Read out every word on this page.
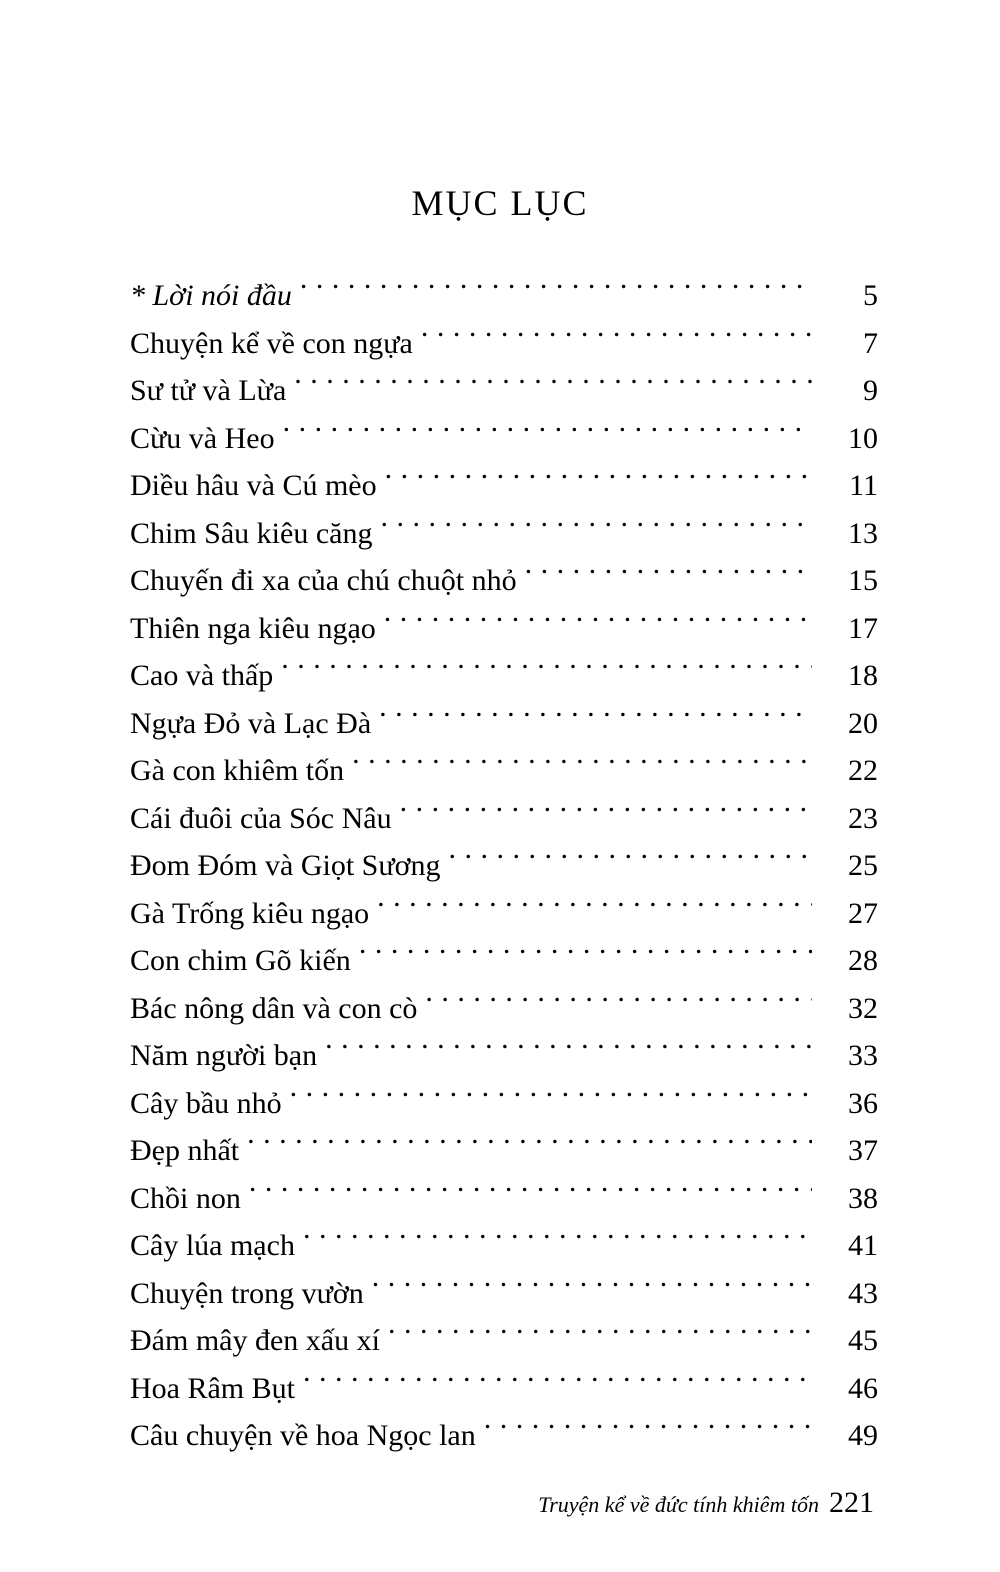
MỤC LỤC
* Lời nói đầu . . .	5
Chuyện kể về con ngựa . . .	7
Sư tử và Lừa . . .	9
Cừu và Heo . . .	10
Diều hâu và Cú mèo . . .	11
Chim Sâu kiêu căng . . .	13
Chuyến đi xa của chú chuột nhỏ . . .	15
Thiên nga kiêu ngạo . . .	17
Cao và thấp . . .	18
Ngựa Đỏ và Lạc Đà . . .	20
Gà con khiêm tốn . . .	22
Cái đuôi của Sóc Nâu . . .	23
Đom Đóm và Giọt Sương . . .	25
Gà Trống kiêu ngạo . . .	27
Con chim Gõ kiến . . .	28
Bác nông dân và con cò . . .	32
Năm người bạn . . .	33
Cây bầu nhỏ . . .	36
Đẹp nhất . . .	37
Chồi non . . .	38
Cây lúa mạch . . .	41
Chuyện trong vườn . . .	43
Đám mây đen xấu xí . . .	45
Hoa Râm Bụt . . .	46
Câu chuyện về hoa Ngọc lan . . .	49
Truyện kể về đức tính khiêm tốn 221
